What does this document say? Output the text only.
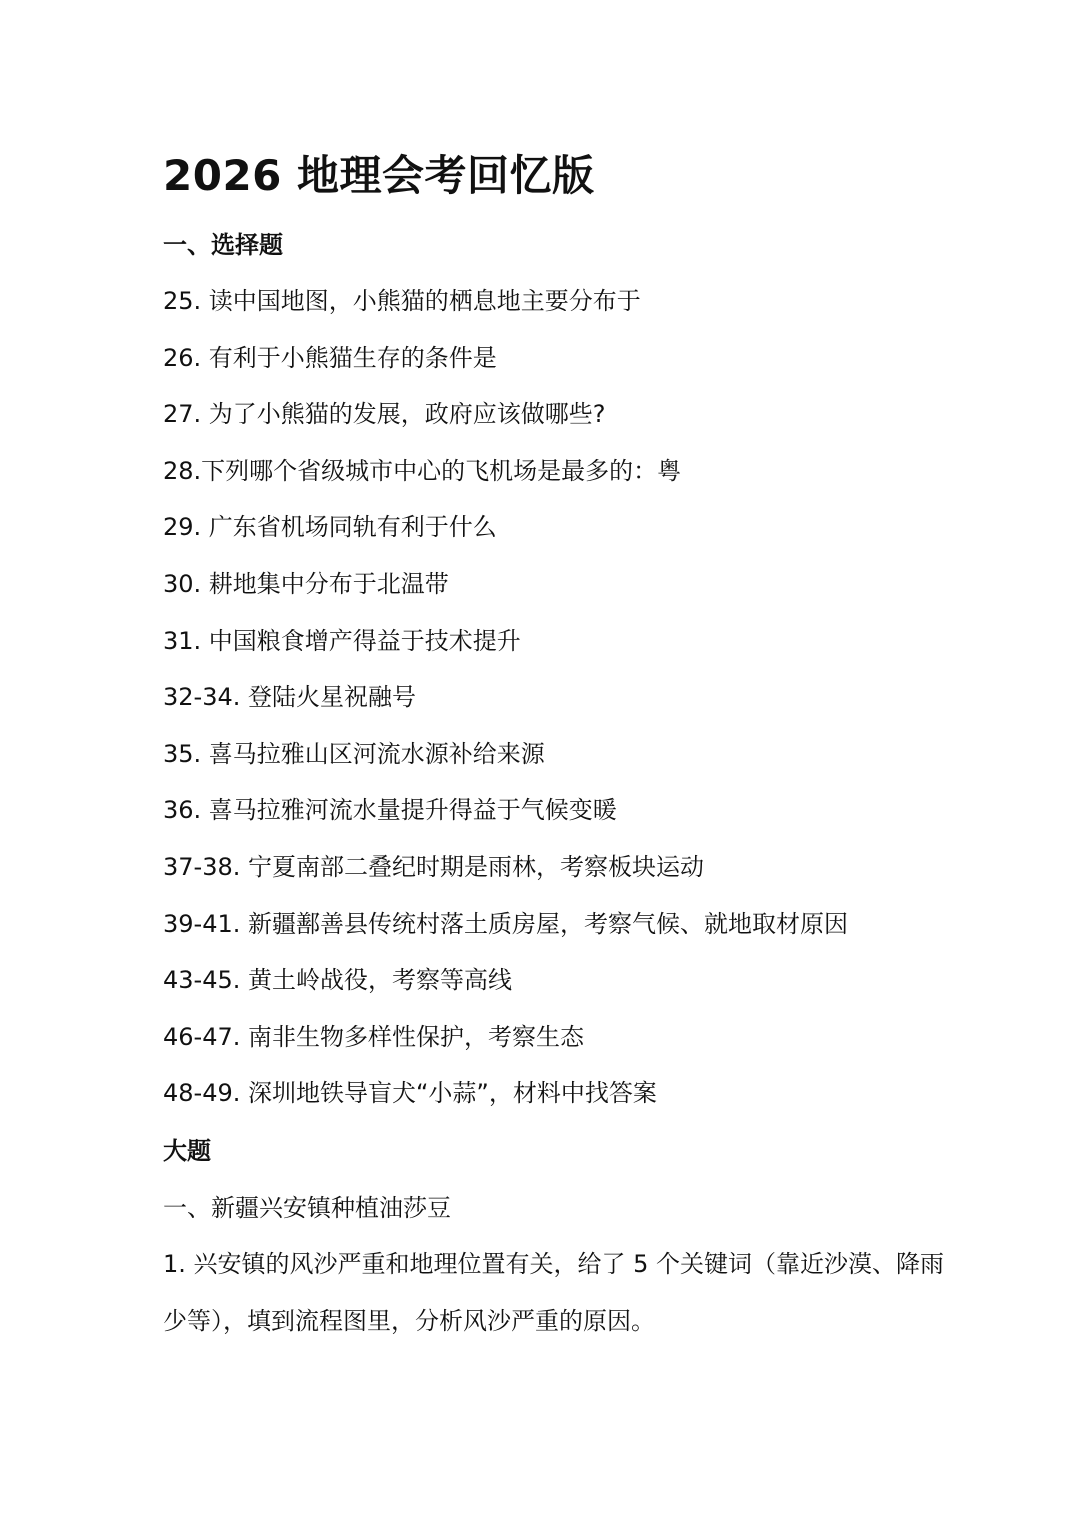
2026 地理会考回忆版
一、选择题
25. 读中国地图，小熊猫的栖息地主要分布于
26. 有利于小熊猫生存的条件是
27. 为了小熊猫的发展，政府应该做哪些?
28.下列哪个省级城市中心的飞机场是最多的：粤
29. 广东省机场同轨有利于什么
30. 耕地集中分布于北温带
31. 中国粮食增产得益于技术提升
32-34. 登陆火星祝融号
35. 喜马拉雅山区河流水源补给来源
36. 喜马拉雅河流水量提升得益于气候变暖
37-38. 宁夏南部二叠纪时期是雨林，考察板块运动
39-41. 新疆鄯善县传统村落土质房屋，考察气候、就地取材原因
43-45. 黄土岭战役，考察等高线
46-47. 南非生物多样性保护，考察生态
48-49. 深圳地铁导盲犬“小蒜”，材料中找答案
大题
一、新疆兴安镇种植油莎豆
1. 兴安镇的风沙严重和地理位置有关，给了 5 个关键词（靠近沙漠、降雨少等），填到流程图里，分析风沙严重的原因。
